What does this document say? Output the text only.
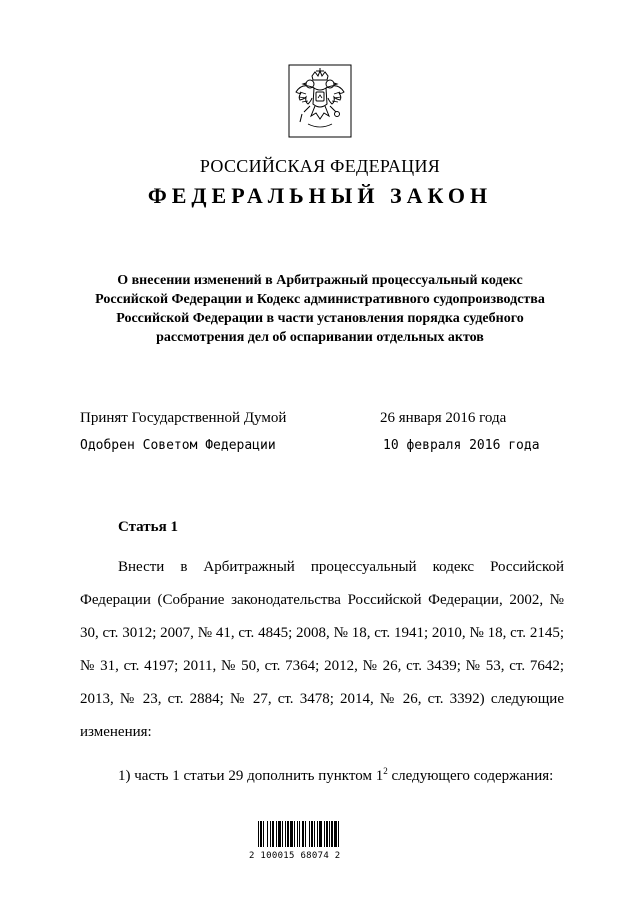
РОССИЙСКАЯ ФЕДЕРАЦИЯ
ФЕДЕРАЛЬНЫЙ ЗАКОН
О внесении изменений в Арбитражный процессуальный кодекс Российской Федерации и Кодекс административного судопроизводства Российской Федерации в части установления порядка судебного рассмотрения дел об оспаривании отдельных актов
Принят Государственной Думой	26 января 2016 года
Одобрен Советом Федерации	10 февраля 2016 года
Статья 1

Внести в Арбитражный процессуальный кодекс Российской Федерации (Собрание законодательства Российской Федерации, 2002, № 30, ст. 3012; 2007, № 41, ст. 4845; 2008, № 18, ст. 1941; 2010, № 18, ст. 2145; № 31, ст. 4197; 2011, № 50, ст. 7364; 2012, № 26, ст. 3439; № 53, ст. 7642; 2013, № 23, ст. 2884; № 27, ст. 3478; 2014, № 26, ст. 3392) следующие изменения:

1) часть 1 статьи 29 дополнить пунктом $1^2$ следующего содержания:
2 100015 68074 2
